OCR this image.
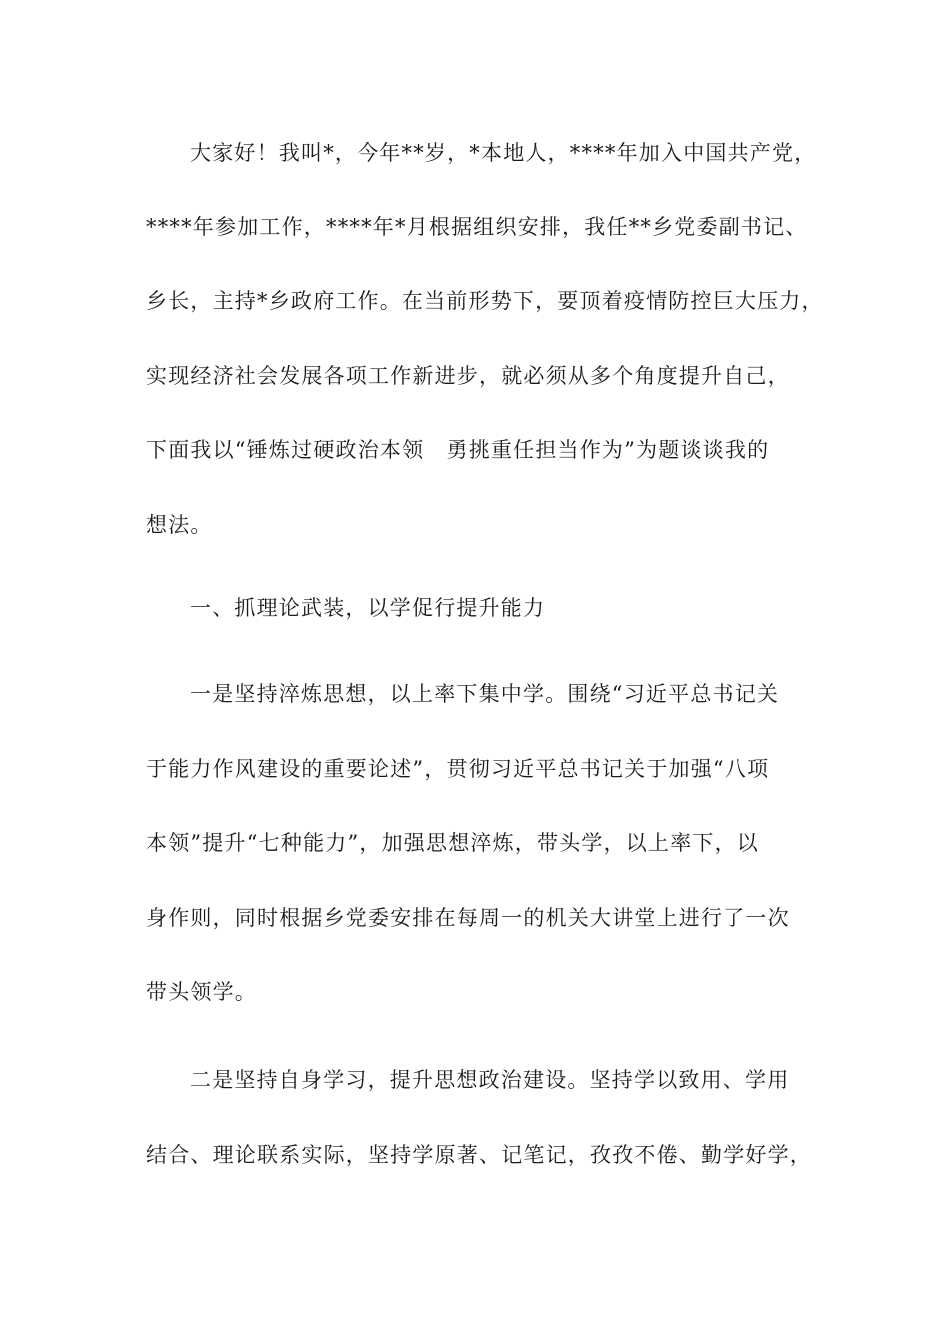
大家好！我叫*，今年**岁，*本地人，****年加入中国共产党，
****年参加工作，****年*月根据组织安排，我任**乡党委副书记、
乡长，主持*乡政府工作。在当前形势下，要顶着疫情防控巨大压力，
实现经济社会发展各项工作新进步，就必须从多个角度提升自己，
下面我以“锤炼过硬政治本领　勇挑重任担当作为”为题谈谈我的
想法。
一、抓理论武装，以学促行提升能力
一是坚持淬炼思想，以上率下集中学。围绕“习近平总书记关
于能力作风建设的重要论述”，贯彻习近平总书记关于加强“八项
本领”提升“七种能力”，加强思想淬炼，带头学，以上率下，以
身作则，同时根据乡党委安排在每周一的机关大讲堂上进行了一次
带头领学。
二是坚持自身学习，提升思想政治建设。坚持学以致用、学用
结合、理论联系实际，坚持学原著、记笔记，孜孜不倦、勤学好学，
